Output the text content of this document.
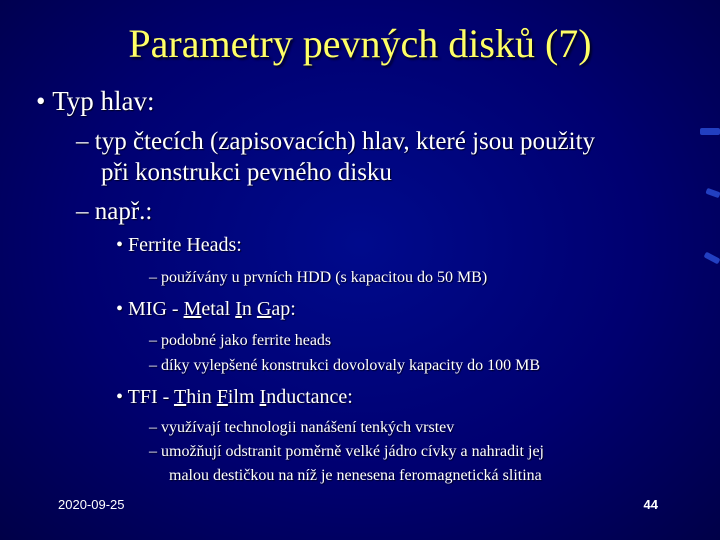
Parametry pevných disků (7)
• Typ hlav:
– typ čtecích (zapisovacích) hlav, které jsou použity
při konstrukci pevného disku
– např.:
• Ferrite Heads:
– používány u prvních HDD (s kapacitou do 50 MB)
• MIG - Metal In Gap:
– podobné jako ferrite heads
– díky vylepšené konstrukci dovolovaly kapacity do 100 MB
• TFI - Thin Film Inductance:
– využívají technologii nanášení tenkých vrstev
– umožňují odstranit poměrně velké jádro cívky a nahradit jej
malou destičkou na níž je nenesena feromagnetická slitina
2020-09-25	44
